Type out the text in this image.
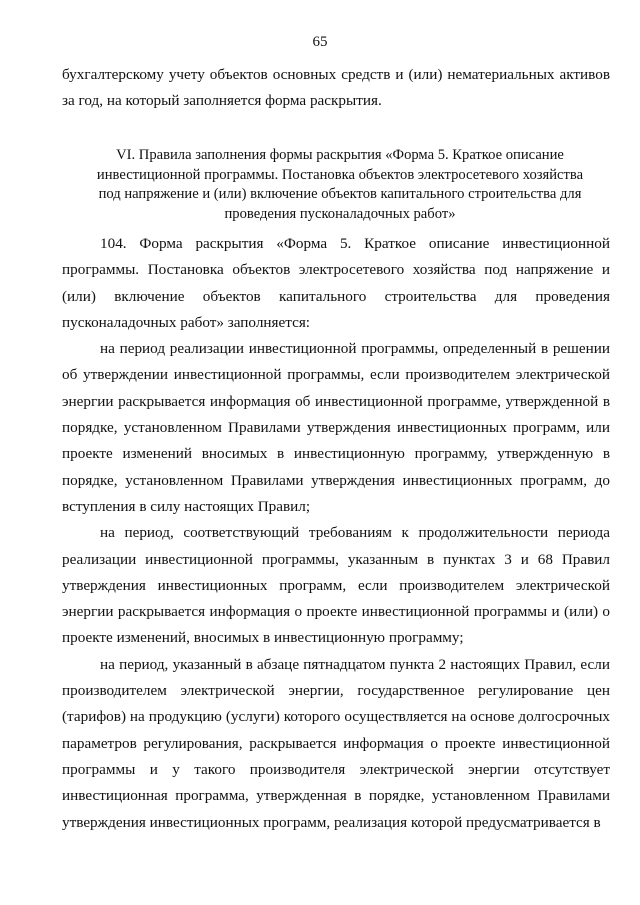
65

бухгалтерскому учету объектов основных средств и (или) нематериальных активов за год, на который заполняется форма раскрытия.

VI. Правила заполнения формы раскрытия «Форма 5. Краткое описание инвестиционной программы. Постановка объектов электросетевого хозяйства под напряжение и (или) включение объектов капитального строительства для проведения пусконаладочных работ»

104. Форма раскрытия «Форма 5. Краткое описание инвестиционной программы. Постановка объектов электросетевого хозяйства под напряжение и (или) включение объектов капитального строительства для проведения пусконаладочных работ» заполняется:

на период реализации инвестиционной программы, определенный в решении об утверждении инвестиционной программы, если производителем электрической энергии раскрывается информация об инвестиционной программе, утвержденной в порядке, установленном Правилами утверждения инвестиционных программ, или проекте изменений вносимых в инвестиционную программу, утвержденную в порядке, установленном Правилами утверждения инвестиционных программ, до вступления в силу настоящих Правил;

на период, соответствующий требованиям к продолжительности периода реализации инвестиционной программы, указанным в пунктах 3 и 68 Правил утверждения инвестиционных программ, если производителем электрической энергии раскрывается информация о проекте инвестиционной программы и (или) о проекте изменений, вносимых в инвестиционную программу;

на период, указанный в абзаце пятнадцатом пункта 2 настоящих Правил, если производителем электрической энергии, государственное регулирование цен (тарифов) на продукцию (услуги) которого осуществляется на основе долгосрочных параметров регулирования, раскрывается информация о проекте инвестиционной программы и у такого производителя электрической энергии отсутствует инвестиционная программа, утвержденная в порядке, установленном Правилами утверждения инвестиционных программ, реализация которой предусматривается в
